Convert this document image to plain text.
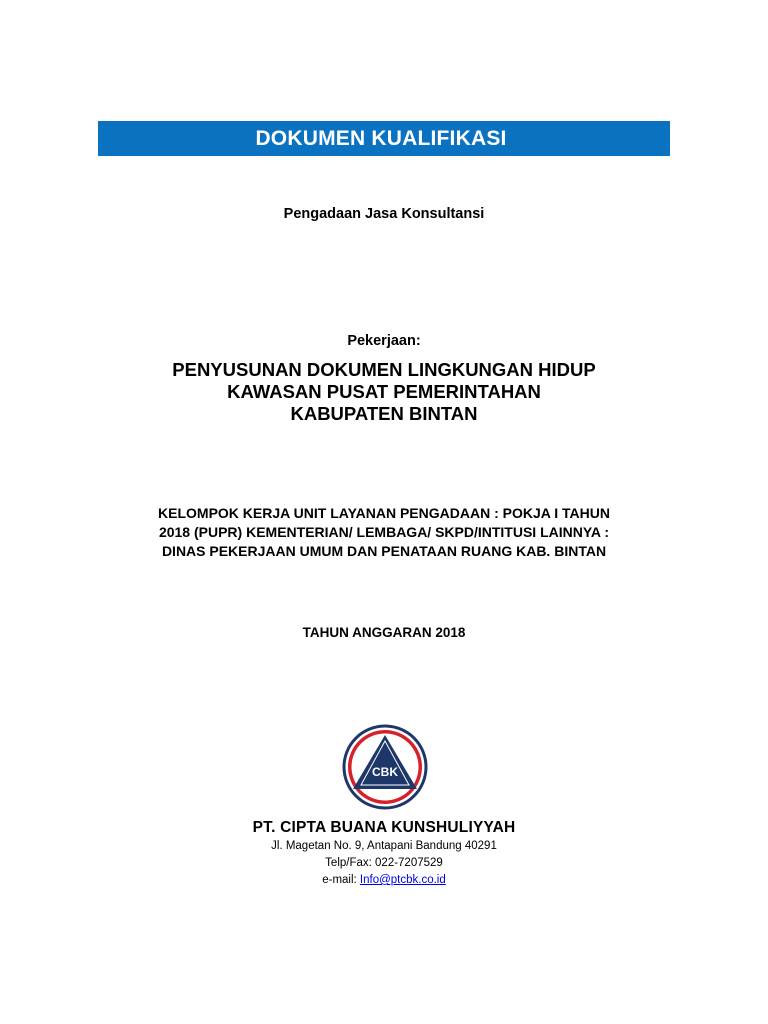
DOKUMEN KUALIFIKASI
Pengadaan Jasa Konsultansi
Pekerjaan:
PENYUSUNAN DOKUMEN LINGKUNGAN HIDUP
KAWASAN PUSAT PEMERINTAHAN
KABUPATEN BINTAN
KELOMPOK KERJA UNIT LAYANAN PENGADAAN : POKJA I TAHUN
2018 (PUPR) KEMENTERIAN/ LEMBAGA/ SKPD/INTITUSI LAINNYA :
DINAS PEKERJAAN UMUM DAN PENATAAN RUANG KAB. BINTAN
TAHUN ANGGARAN 2018
CBK
PT. CIPTA BUANA KUNSHULIYYAH
Jl. Magetan No. 9, Antapani Bandung 40291
Telp/Fax: 022-7207529
e-mail: Info@ptcbk.co.id
